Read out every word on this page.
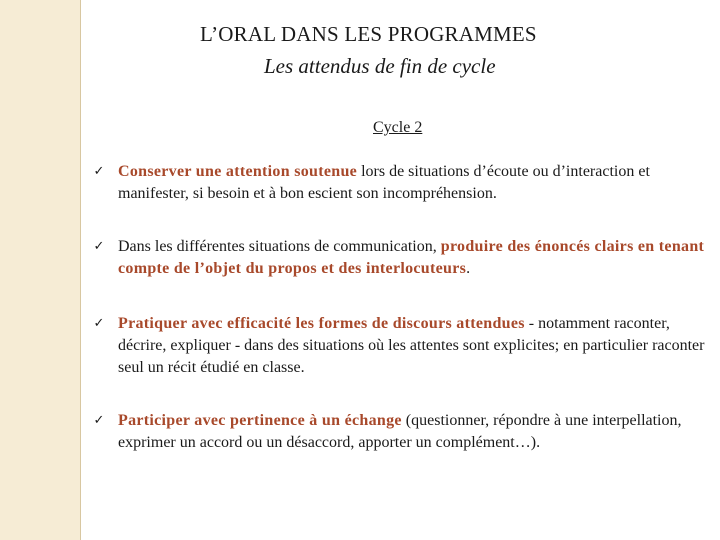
L’ORAL DANS LES PROGRAMMES
Les attendus de fin de cycle
Cycle 2
✓ Conserver une attention soutenue lors de situations d’écoute ou d’interaction et manifester, si besoin et à bon escient son incompréhension.
✓ Dans les différentes situations de communication, produire des énoncés clairs en tenant compte de l’objet du propos et des interlocuteurs.
✓ Pratiquer avec efficacité les formes de discours attendues - notamment raconter, décrire, expliquer - dans des situations où les attentes sont explicites; en particulier raconter seul un récit étudié en classe.
✓ Participer avec pertinence à un échange (questionner, répondre à une interpellation, exprimer un accord ou un désaccord, apporter un complément…).
